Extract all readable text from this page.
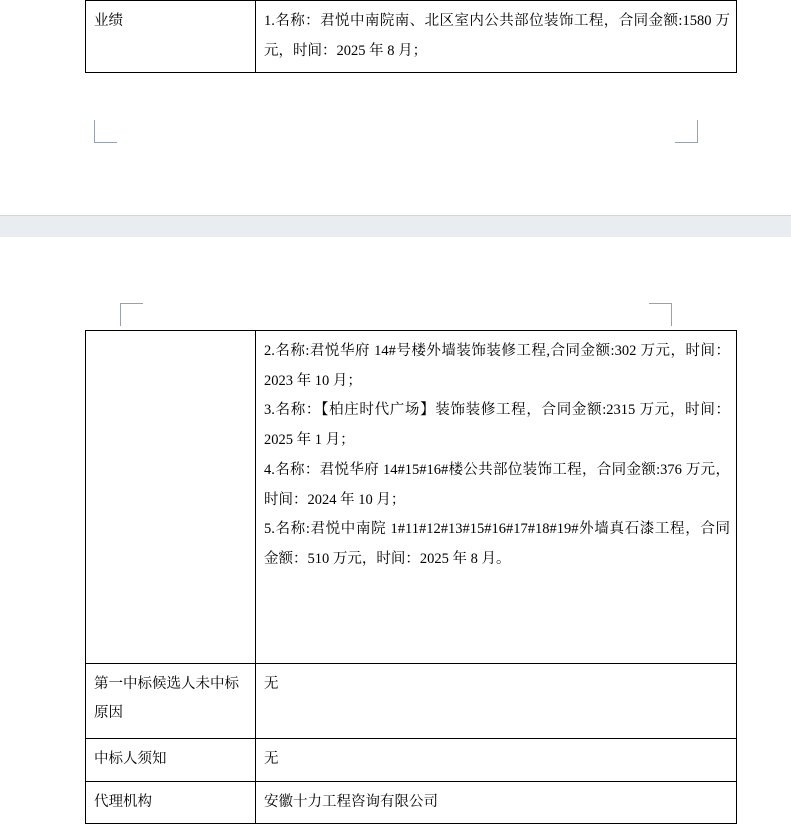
业绩	1.名称：君悦中南院南、北区室内公共部位装饰工程，合同金额:1580 万元，时间：2025 年 8 月；

	2.名称:君悦华府 14#号楼外墙装饰装修工程,合同金额:302 万元，时间：2023 年 10 月；

3.名称：【柏庄时代广场】装饰装修工程，合同金额:2315 万元，时间：2025 年 1 月；

4.名称：君悦华府 14#15#16#楼公共部位装饰工程，合同金额:376 万元，时间：2024 年 10 月；

5.名称:君悦中南院 1#11#12#13#15#16#17#18#19#外墙真石漆工程，合同金额：510 万元，时间：2025 年 8 月。

第一中标候选人未中标原因	无

中标人须知	无

代理机构	安徽十力工程咨询有限公司
